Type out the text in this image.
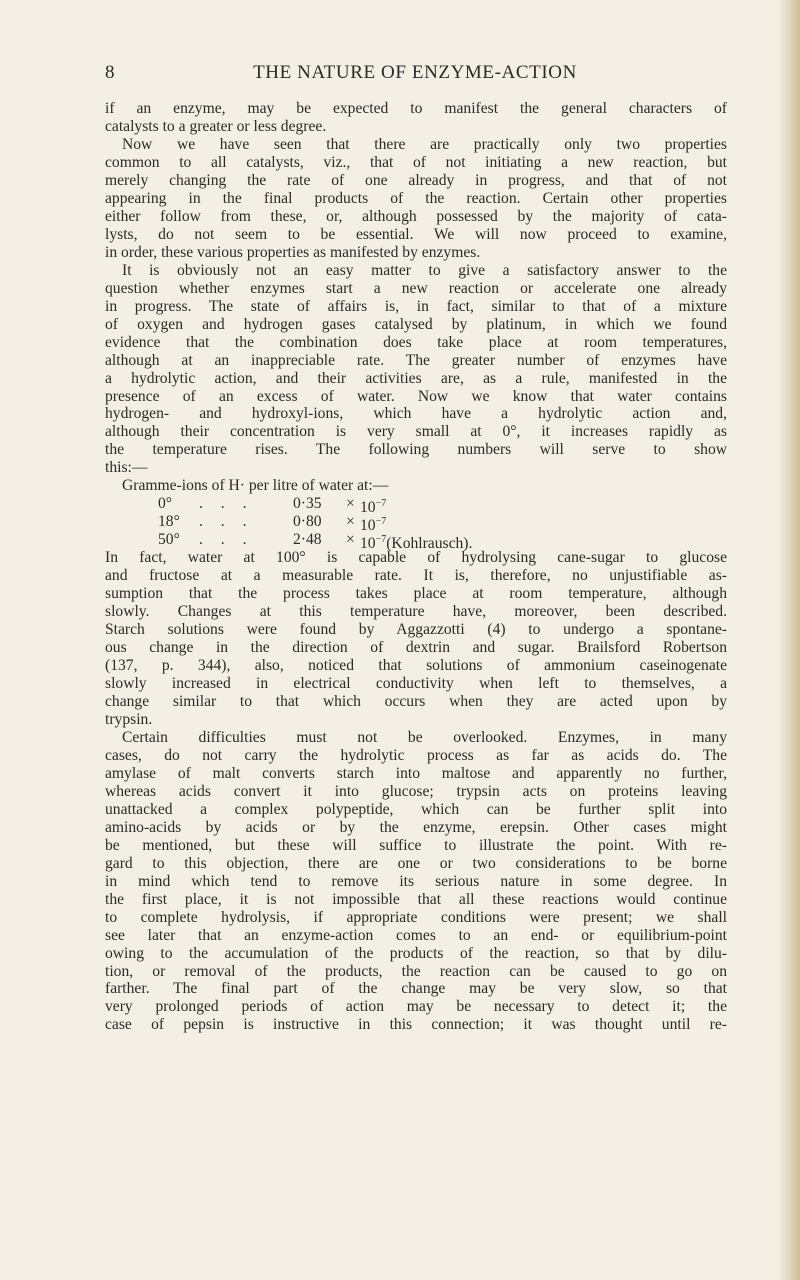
8	THE NATURE OF ENZYME-ACTION
if an enzyme, may be expected to manifest the general characters of
catalysts to a greater or less degree.
Now we have seen that there are practically only two properties
common to all catalysts, viz., that of not initiating a new reaction, but
merely changing the rate of one already in progress, and that of not
appearing in the final products of the reaction. Certain other properties
either follow from these, or, although possessed by the majority of cata-
lysts, do not seem to be essential. We will now proceed to examine,
in order, these various properties as manifested by enzymes.
It is obviously not an easy matter to give a satisfactory answer to the
question whether enzymes start a new reaction or accelerate one already
in progress. The state of affairs is, in fact, similar to that of a mixture
of oxygen and hydrogen gases catalysed by platinum, in which we found
evidence that the combination does take place at room temperatures,
although at an inappreciable rate. The greater number of enzymes have
a hydrolytic action, and their activities are, as a rule, manifested in the
presence of an excess of water. Now we know that water contains
hydrogen- and hydroxyl-ions, which have a hydrolytic action and,
although their concentration is very small at 0°, it increases rapidly as
the temperature rises. The following numbers will serve to show
this:—
Gramme-ions of H· per litre of water at:—
0°	. . .	$0\cdot 35 \times 10^{-7}$
18°	. . .	$0\cdot 80 \times 10^{-7}$
50°	. . .	$2\cdot 48 \times 10^{-7}(Kohlrausch)$.
In fact, water at 100° is capable of hydrolysing cane-sugar to glucose
and fructose at a measurable rate. It is, therefore, no unjustifiable as-
sumption that the process takes place at room temperature, although
slowly. Changes at this temperature have, moreover, been described.
Starch solutions were found by Aggazzotti (4) to undergo a spontane-
ous change in the direction of dextrin and sugar. Brailsford Robertson
(137, p. 344), also, noticed that solutions of ammonium caseinogenate
slowly increased in electrical conductivity when left to themselves, a
change similar to that which occurs when they are acted upon by
trypsin.
Certain difficulties must not be overlooked. Enzymes, in many
cases, do not carry the hydrolytic process as far as acids do. The
amylase of malt converts starch into maltose and apparently no further,
whereas acids convert it into glucose; trypsin acts on proteins leaving
unattacked a complex polypeptide, which can be further split into
amino-acids by acids or by the enzyme, erepsin. Other cases might
be mentioned, but these will suffice to illustrate the point. With re-
gard to this objection, there are one or two considerations to be borne
in mind which tend to remove its serious nature in some degree. In
the first place, it is not impossible that all these reactions would continue
to complete hydrolysis, if appropriate conditions were present; we shall
see later that an enzyme-action comes to an end- or equilibrium-point
owing to the accumulation of the products of the reaction, so that by dilu-
tion, or removal of the products, the reaction can be caused to go on
farther. The final part of the change may be very slow, so that
very prolonged periods of action may be necessary to detect it; the
case of pepsin is instructive in this connection; it was thought until re-
